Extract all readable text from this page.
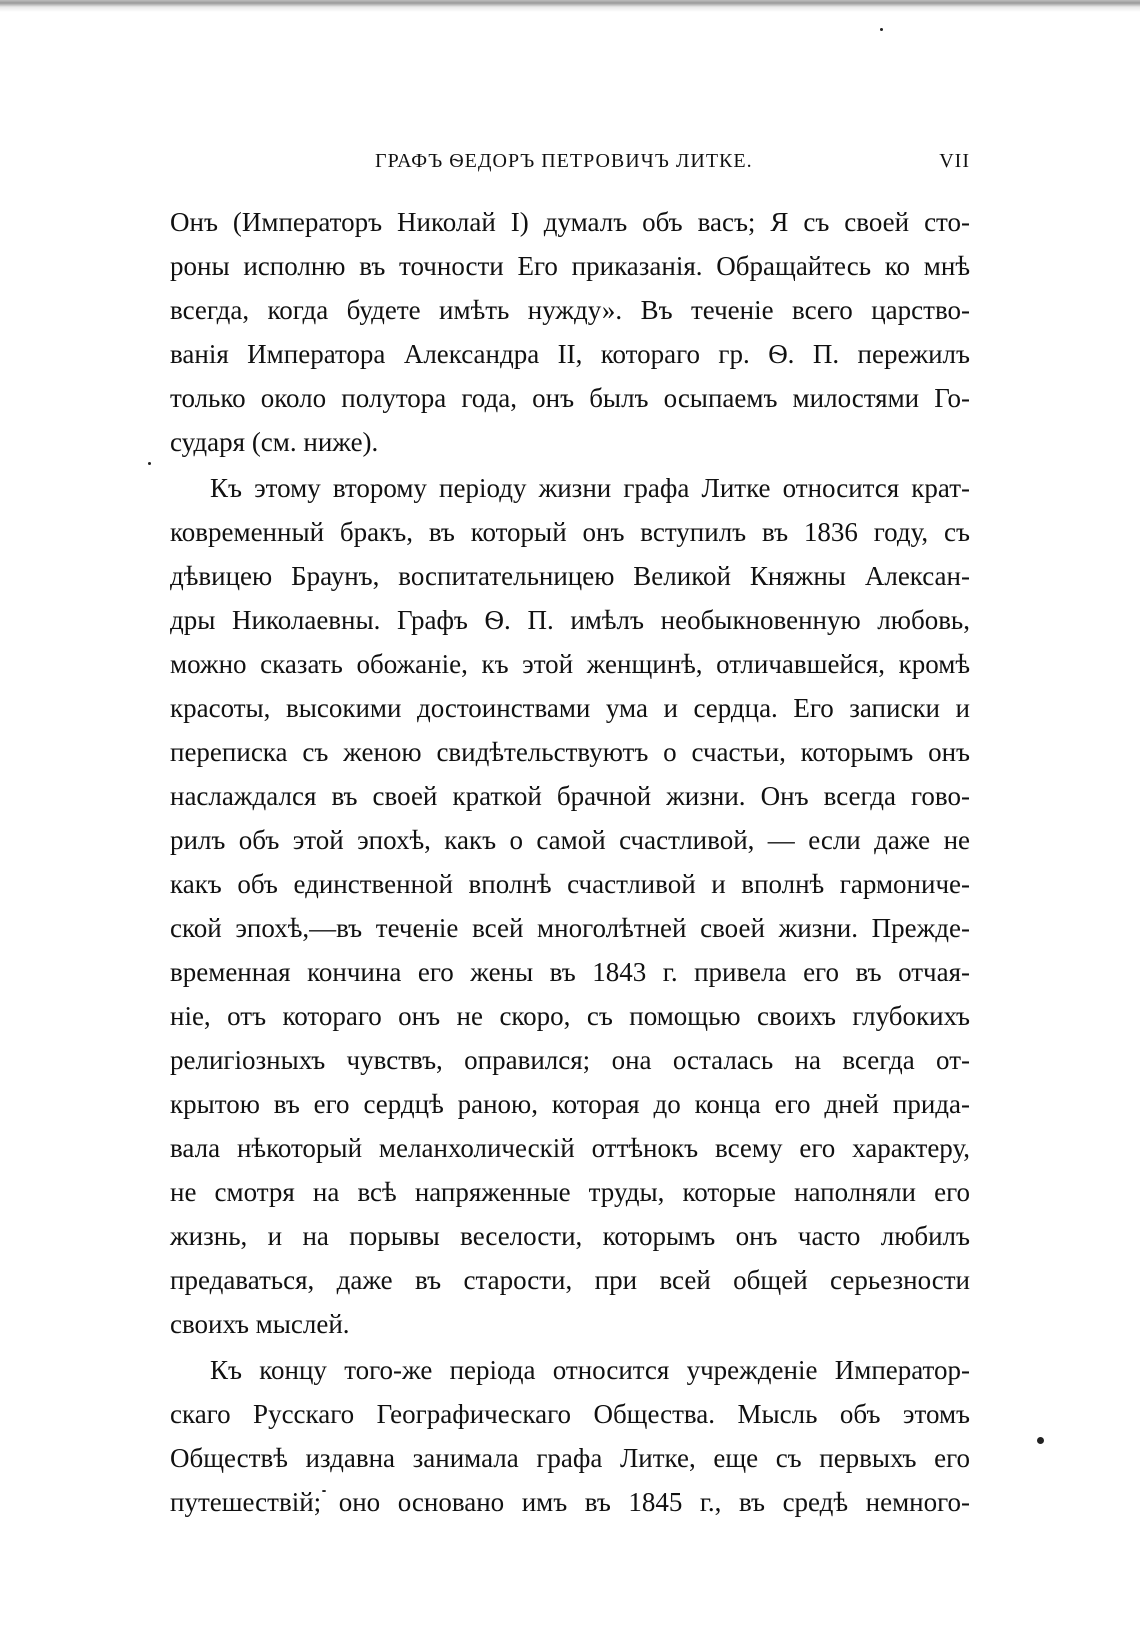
ГРАФЪ ѲЕДОРЪ ПЕТРОВИЧЪ ЛИТКЕ.	VII
Онъ (Императоръ Николай I) думалъ объ васъ; Я съ своей сто-
роны исполню въ точности Его приказанія. Обращайтесь ко мнѣ
всегда, когда будете имѣть нужду». Въ теченіе всего царство-
ванія Императора Александра II, котораго гр. Ѳ. П. пережилъ
только около полутора года, онъ былъ осыпаемъ милостями Го-
сударя (см. ниже).
Къ этому второму періоду жизни графа Литке относится крат-
ковременный бракъ, въ который онъ вступилъ въ 1836 году, съ
дѣвицею Браунъ, воспитательницею Великой Княжны Алексан-
дры Николаевны. Графъ Ѳ. П. имѣлъ необыкновенную любовь,
можно сказать обожаніе, къ этой женщинѣ, отличавшейся, кромѣ
красоты, высокими достоинствами ума и сердца. Его записки и
переписка съ женою свидѣтельствуютъ о счастьи, которымъ онъ
наслаждался въ своей краткой брачной жизни. Онъ всегда гово-
рилъ объ этой эпохѣ, какъ о самой счастливой, — если даже не
какъ объ единственной вполнѣ счастливой и вполнѣ гармониче-
ской эпохѣ,—въ теченіе всей многолѣтней своей жизни. Прежде-
временная кончина его жены въ 1843 г. привела его въ отчая-
ніе, отъ котораго онъ не скоро, съ помощью своихъ глубокихъ
религіозныхъ чувствъ, оправился; она осталась на всегда от-
крытою въ его сердцѣ раною, которая до конца его дней прида-
вала нѣкоторый меланхолическій оттѣнокъ всему его характеру,
не смотря на всѣ напряженные труды, которые наполняли его
жизнь, и на порывы веселости, которымъ онъ часто любилъ
предаваться, даже въ старости, при всей общей серьезности
своихъ мыслей.
Къ концу того-же періода относится учрежденіе Император-
скаго Русскаго Географическаго Общества. Мысль объ этомъ
Обществѣ издавна занимала графа Литке, еще съ первыхъ его
путешествій; оно основано имъ въ 1845 г., въ средѣ немного-
